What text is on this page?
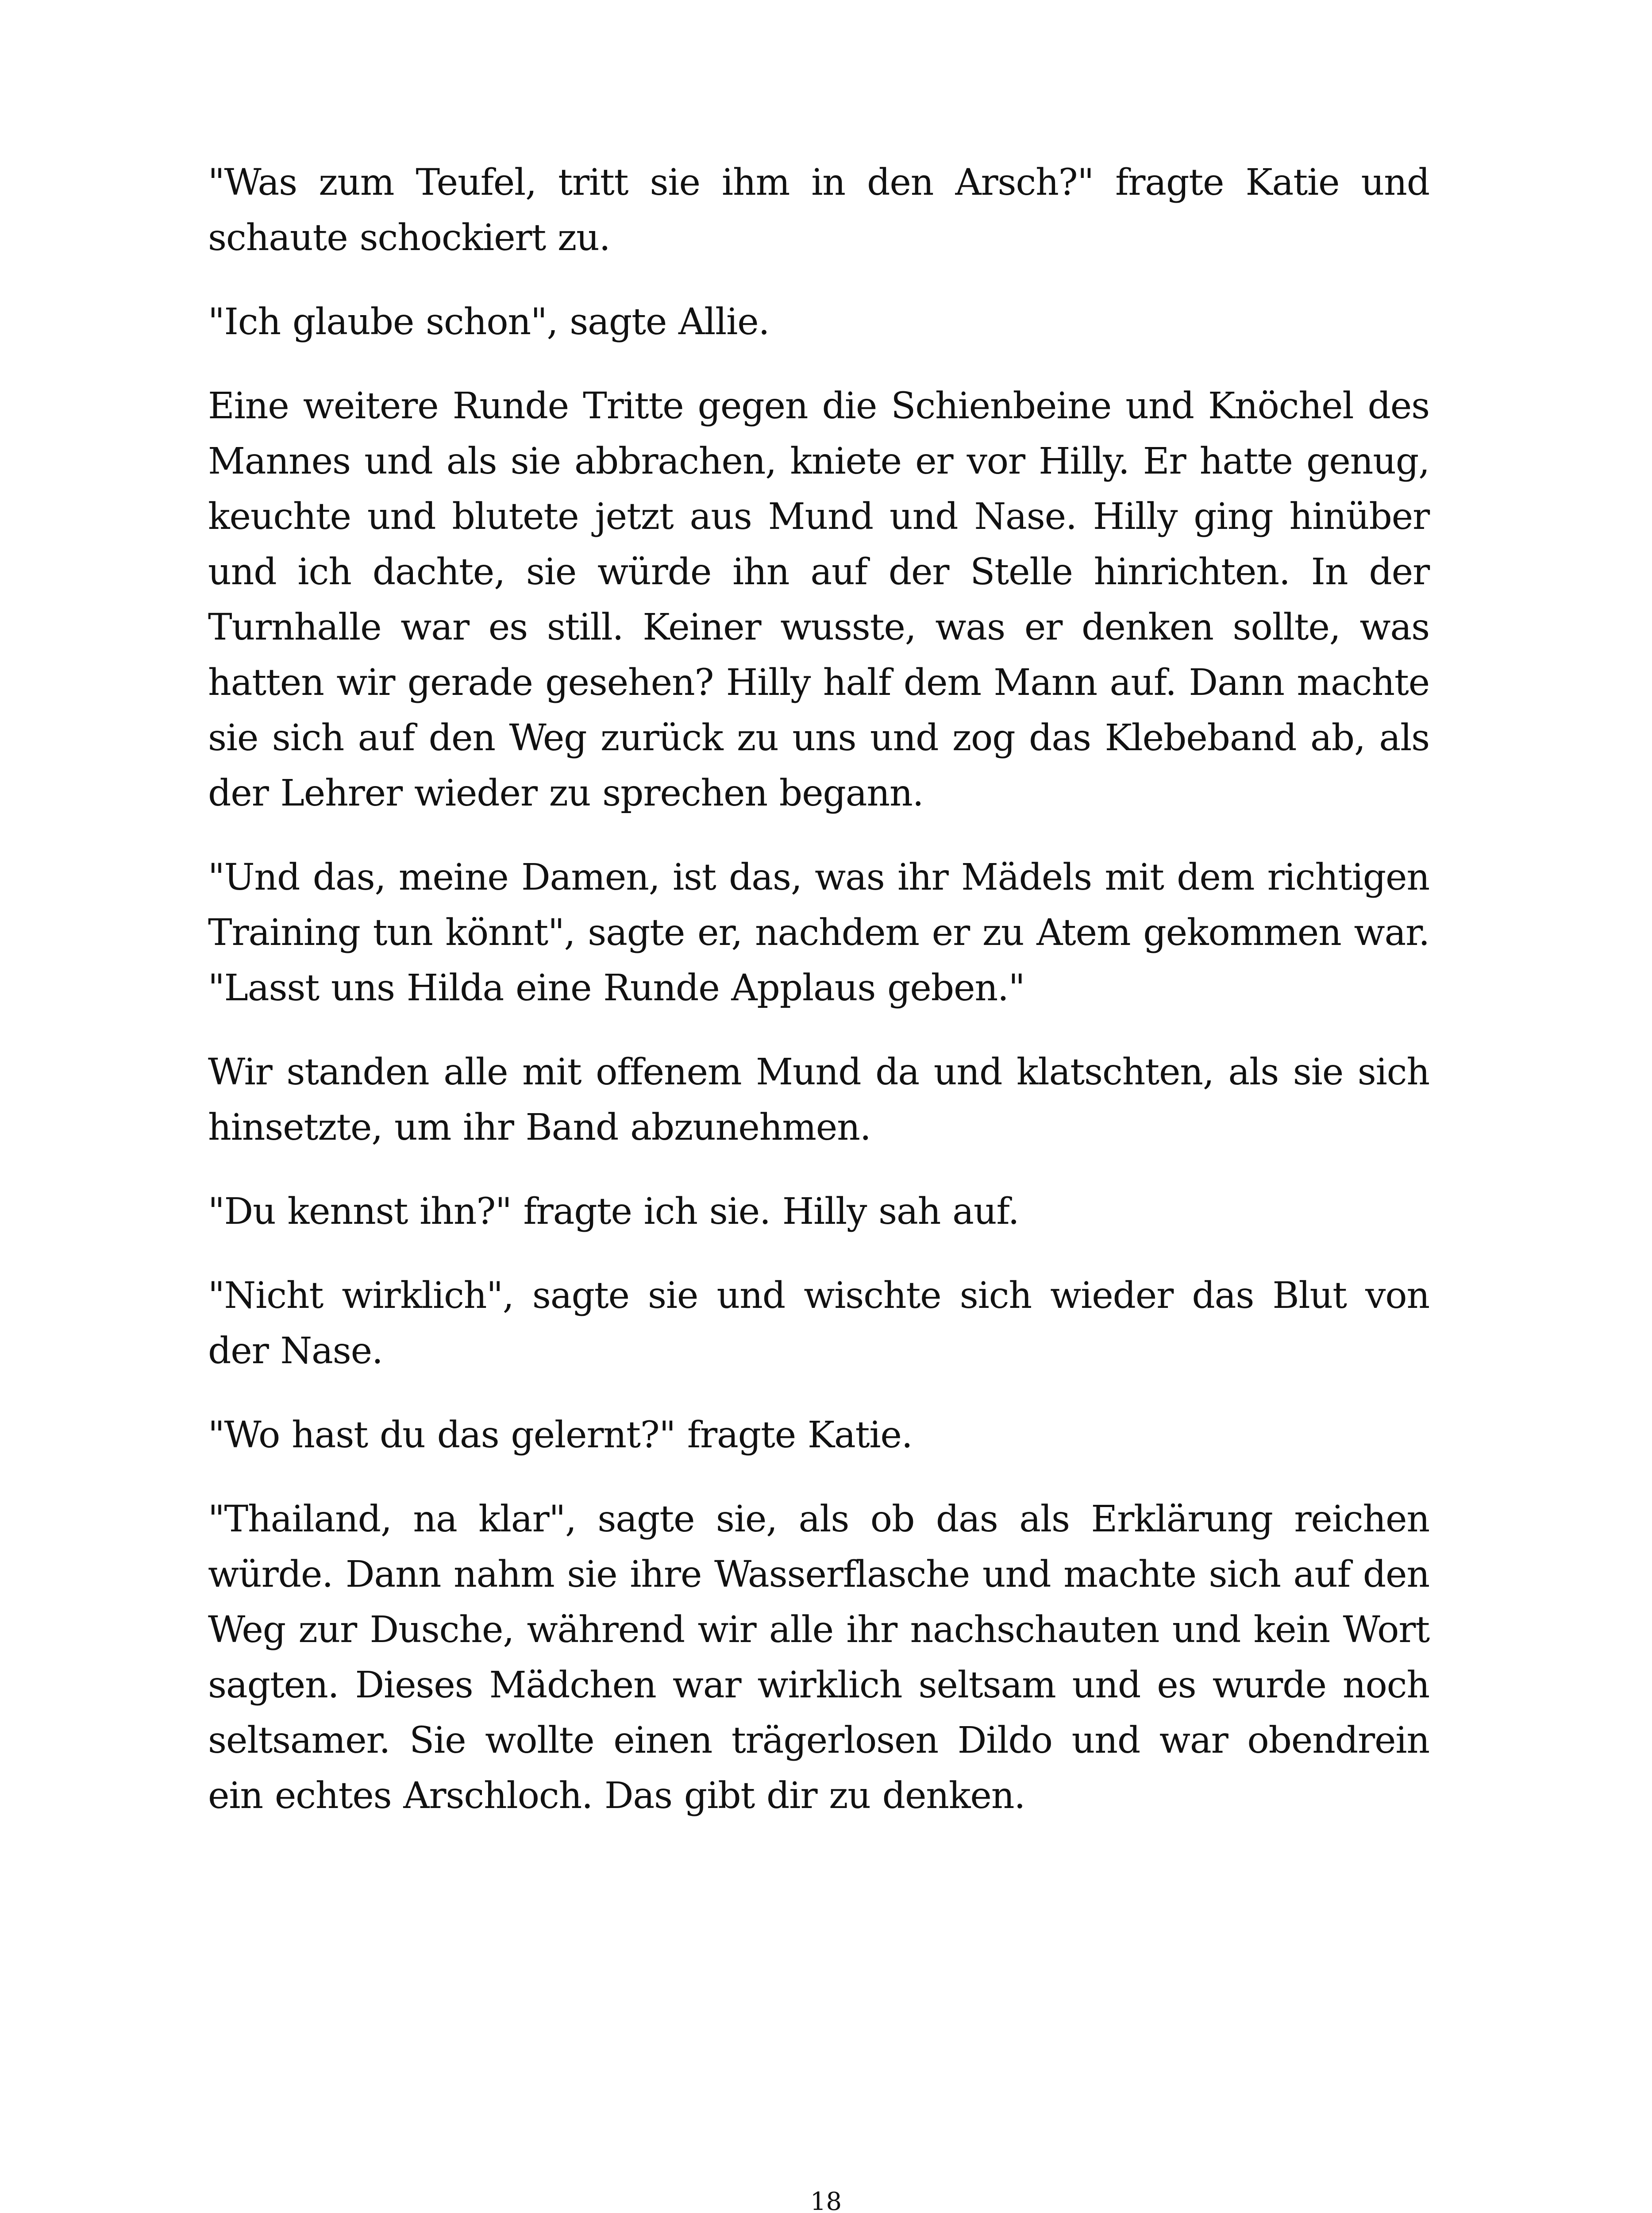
"Was zum Teufel, tritt sie ihm in den Arsch?" fragte Katie und schaute schockiert zu.

"Ich glaube schon", sagte Allie.

Eine weitere Runde Tritte gegen die Schienbeine und Knöchel des Mannes und als sie abbrachen, kniete er vor Hilly. Er hatte genug, keuchte und blutete jetzt aus Mund und Nase. Hilly ging hinüber und ich dachte, sie würde ihn auf der Stelle hinrichten. In der Turnhalle war es still. Keiner wusste, was er denken sollte, was hatten wir gerade gesehen? Hilly half dem Mann auf. Dann machte sie sich auf den Weg zurück zu uns und zog das Klebeband ab, als der Lehrer wieder zu sprechen begann.

"Und das, meine Damen, ist das, was ihr Mädels mit dem richtigen Training tun könnt", sagte er, nachdem er zu Atem gekommen war. "Lasst uns Hilda eine Runde Applaus geben."

Wir standen alle mit offenem Mund da und klatschten, als sie sich hinsetzte, um ihr Band abzunehmen.

"Du kennst ihn?" fragte ich sie. Hilly sah auf.

"Nicht wirklich", sagte sie und wischte sich wieder das Blut von der Nase.

"Wo hast du das gelernt?" fragte Katie.

"Thailand, na klar", sagte sie, als ob das als Erklärung reichen würde. Dann nahm sie ihre Wasserflasche und machte sich auf den Weg zur Dusche, während wir alle ihr nachschauten und kein Wort sagten. Dieses Mädchen war wirklich seltsam und es wurde noch seltsamer. Sie wollte einen trägerlosen Dildo und war obendrein ein echtes Arschloch. Das gibt dir zu denken.

18
